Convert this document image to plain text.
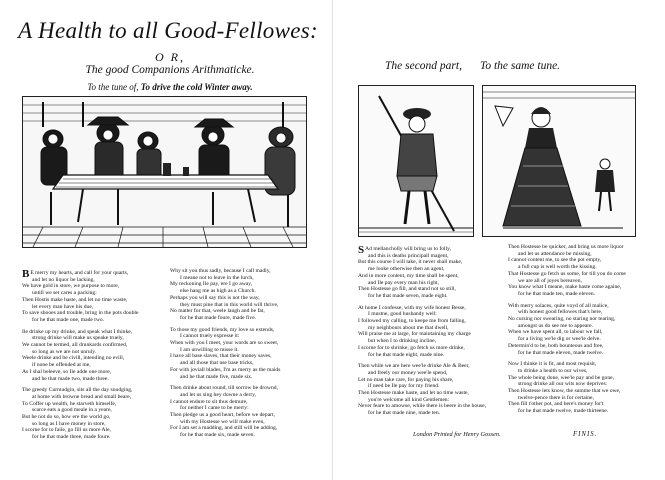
A Health to all Good-Fellowes:
O R,
The good Companions Arithmaticke.
To the tune of, To drive the cold Winter away.
The second part, To the same tune.
B E merry my hearts, and call for your quarts,
and let no liquor be lacking,
We have gold in store, we purpose to more,
untill we set cares a packing:
Then Hostis make haste, and let no time waste,
let every man have his due,
To save shooes and trouble, bring in the pots double
for he that made one, made two.
Ile drinke up my drinke, and speak what I thinke,
strong drinke will make us speake truely,
We cannot be termed, all drunkards confirmed,
so long as we are not unruly.
Weele drinke and be civill, intending no evill,
if none be offended at me,
As I shal beleeve, so Ile adde one more,
and he that made two, made three.
The greedy Curmudgin, sits all the day snudging,
at home with browne bread and small beare,
To Coffer up wealth, he starveth himselfe,
scarce eats a good meale in a yeare,
But he not do so, how ere the world go,
so long as I have money in store,
I scorne for to faile, go fill us more Ale,
for he that made three, made foure.
Why sit you thus sadly, because I call madly,
I meane not to leave in the lurch,
My reckoning Ile pay, ere I go away,
else hang me as high as a Church.
Perhaps you will say this is not the way,
they must pine that in this world will thrive,
No matter for that, weele laugh and be fat,
for he that made foure, made five.
To those my good friends, my love so extends,
I cannot truely expresse it:
When with you I meet, your words are so sweet,
I am unwilling to misse it.
I have all base slaves, that their money saves,
and all those that use base tricks,
For with joviall blades, I'm as merry as the maids
and he that made five, made six.
Then drinke about round, till sorrow be drownd,
and let us sing hey downe a derry,
I cannot endure to sit thus demure,
for neither I came to be merry:
Then pledge us a good heart, before we depart,
with my Hostesse we will make even,
For I am set a madding, and still will be adding,
for he that made six, made seven.
S Ad mellancholly will bring us to folly,
and this is deaths principall magent,
But this course I will take, it never shall make,
me looke otherwise then an agent,
And in more content, my time shall be spent,
and Ile pay every man his right,
Then Hostesse go fill, and stand not so still,
for he that made seven, made eight.
At home I confesse, with my wife honest Besse,
I mustne, good husbandy well:
I followed my calling, to keepe me from falling,
my neighbours about me that dwell,
Will praise me at large, for maintaining my charge
but when I to drinking incline,
I scorne for to shrinke, go fetch us more drinke,
for he that made eight, made nine.
Then while we are here wee'le drinke Ale & Beer,
and freely our money wee'le spend,
Let no man take care, for paying his share,
if need be Ile pay for my friend.
Then Hostesse make haste, and let no time waste,
you're welcome all kind Gentlemen:
Never feare to amowse, while there is beere in the house,
for he that made nine, made ten.
Then Hostesse be quicker, and bring us more liquor
and let us attendance be missing,
I cannot content me, to see the pot empty,
a full cup is well worth the kissing.
That Hostesse go fetch us some, for till you do come
we are all of joyes bereaven,
You know what I meane, make haste come againe,
for he that made ten, made eleven.
With merry solaces, quite voyd of all malice,
with honest good fellowes that's here,
No cursing nor swearing, no staring nor tearing,
amongst us do see me to appeare.
When we have spent all, to labour we fall,
for a living we'le dig or wee'le delve.
Determin'd to be, both bounteous and free,
for he that made eleven, made twelve.
Now I thinke it is fit, and most requisit,
to drinke a health to our wives,
The whole being done, wee'le pay and be gone,
strong drinke all our wits now deprives:
Then Hostesse lets know, the summe that we owe,
twelve-pence there is for certaine,
Then fill t'other pot, and here's money for't
for he that made twelve, made thirteene.
London Printed for Henry Gossen.	FINIS.
